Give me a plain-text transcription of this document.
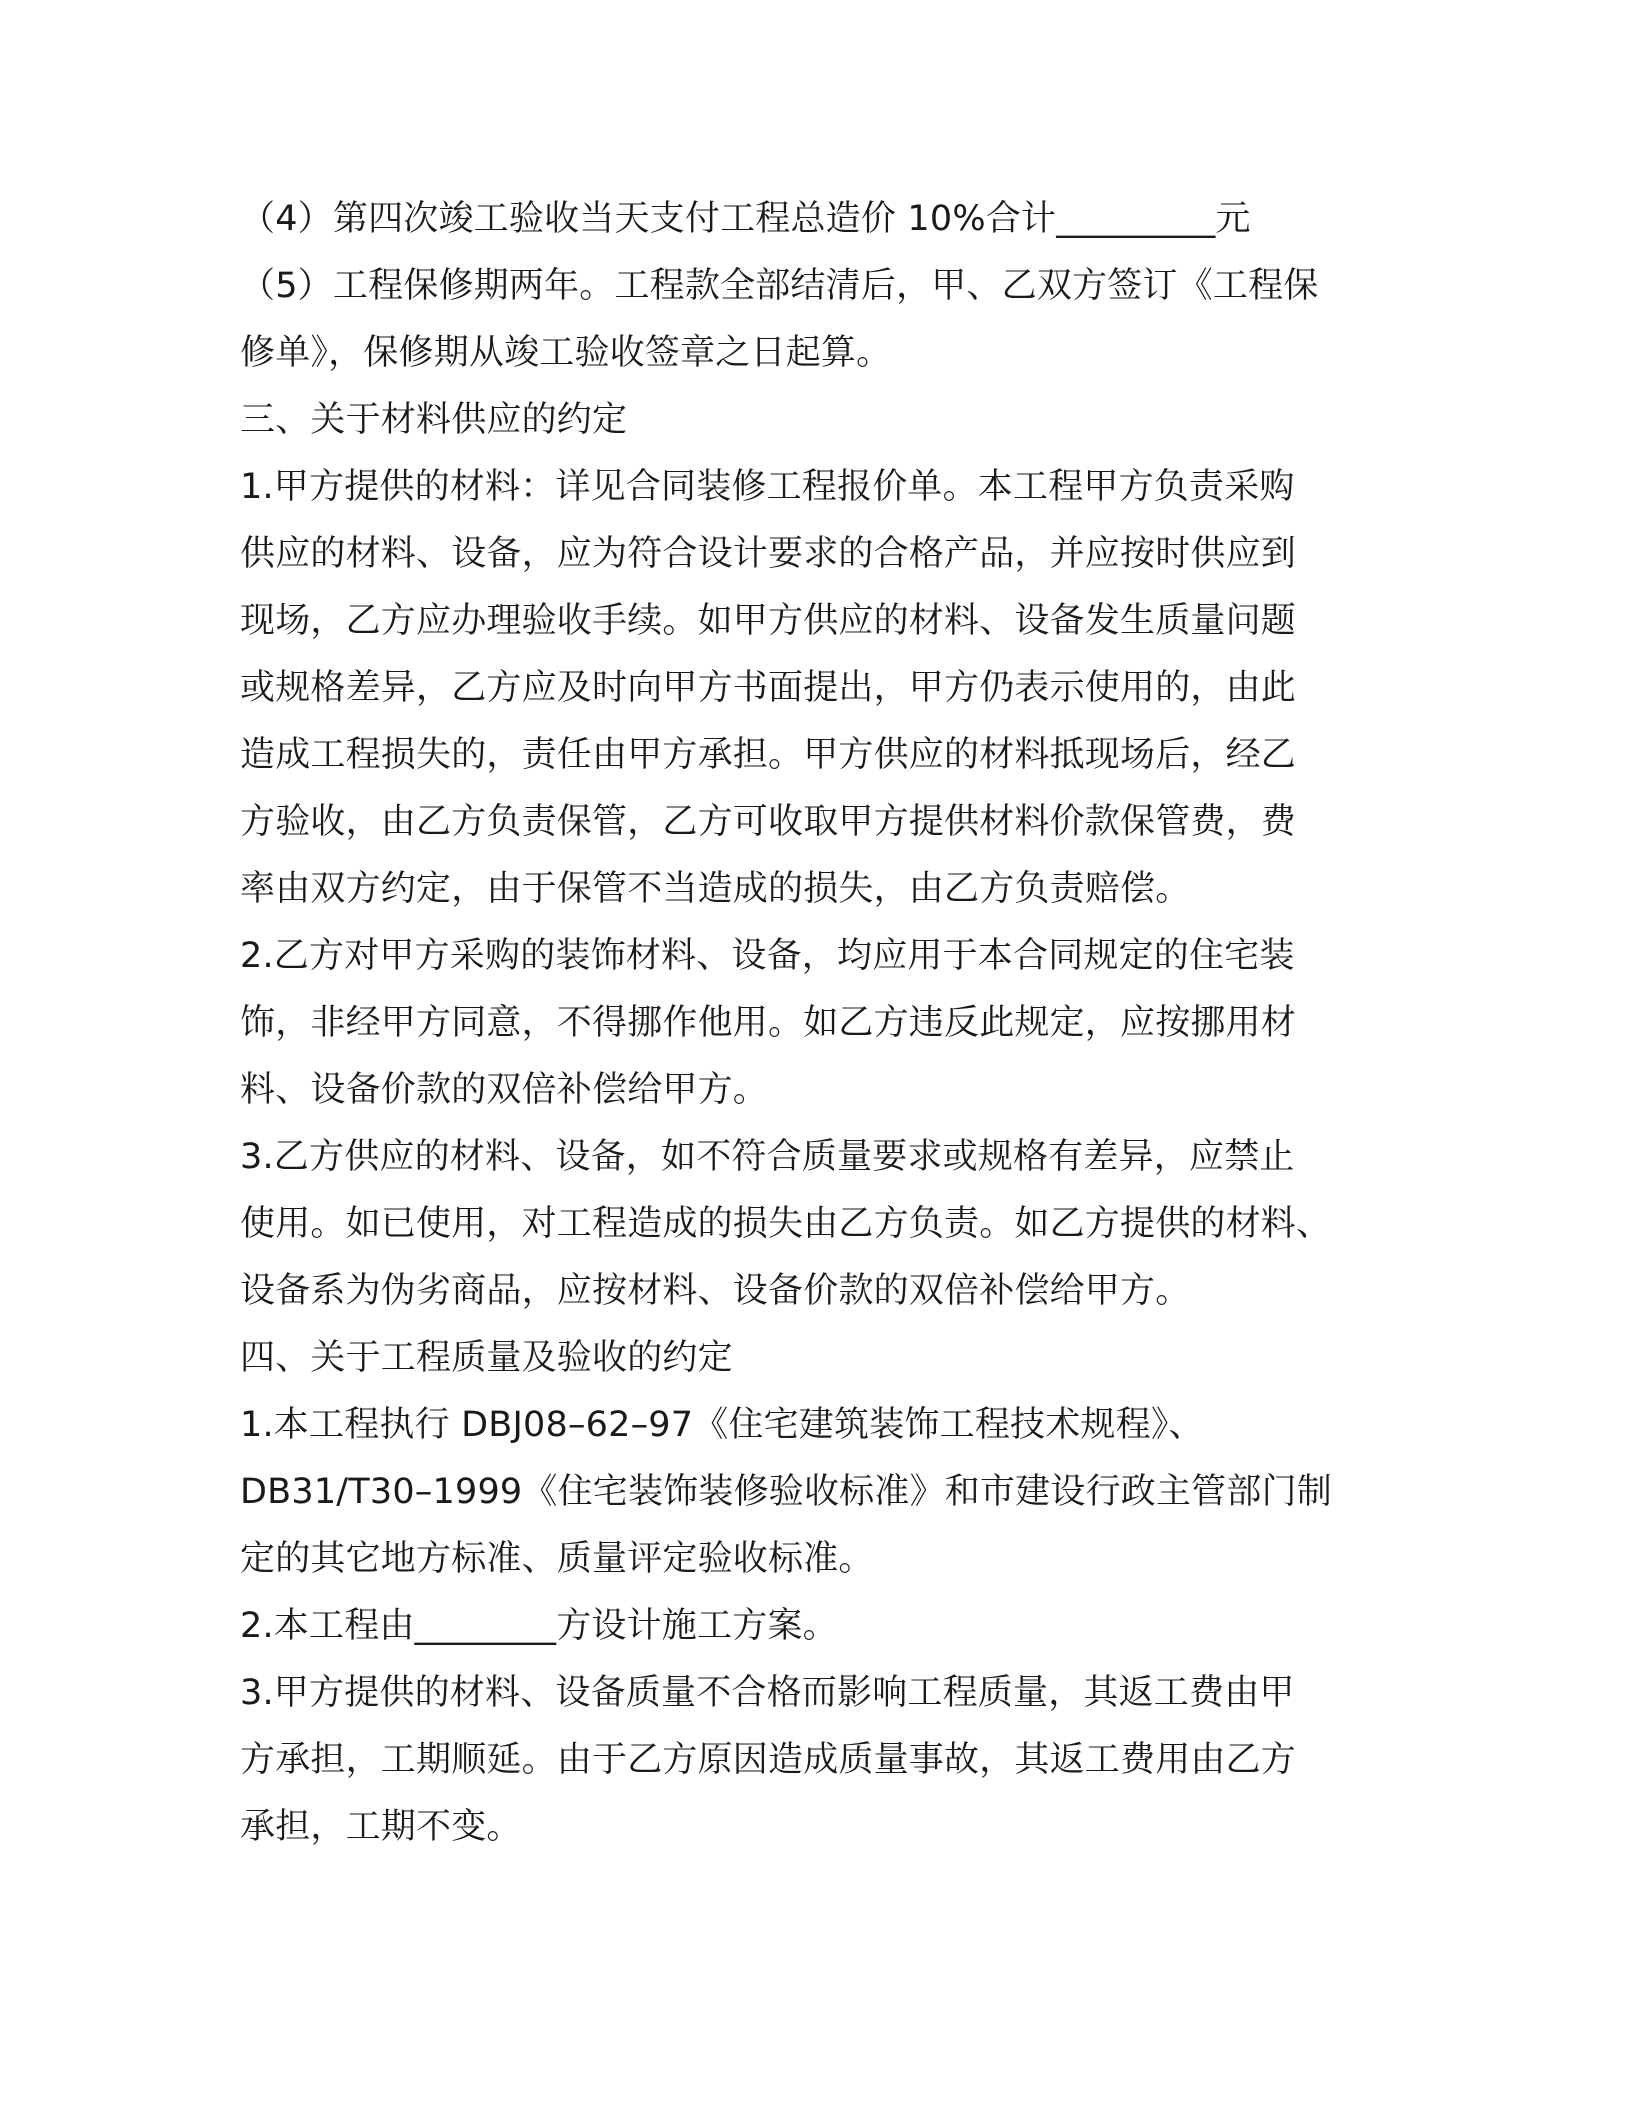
（4）第四次竣工验收当天支付工程总造价 10%合计_________元
（5）工程保修期两年。工程款全部结清后，甲、乙双方签订《工程保
修单》，保修期从竣工验收签章之日起算。
三、关于材料供应的约定
1.甲方提供的材料：详见合同装修工程报价单。本工程甲方负责采购
供应的材料、设备，应为符合设计要求的合格产品，并应按时供应到
现场，乙方应办理验收手续。如甲方供应的材料、设备发生质量问题
或规格差异，乙方应及时向甲方书面提出，甲方仍表示使用的，由此
造成工程损失的，责任由甲方承担。甲方供应的材料抵现场后，经乙
方验收，由乙方负责保管，乙方可收取甲方提供材料价款保管费，费
率由双方约定，由于保管不当造成的损失，由乙方负责赔偿。
2.乙方对甲方采购的装饰材料、设备，均应用于本合同规定的住宅装
饰，非经甲方同意，不得挪作他用。如乙方违反此规定，应按挪用材
料、设备价款的双倍补偿给甲方。
3.乙方供应的材料、设备，如不符合质量要求或规格有差异，应禁止
使用。如已使用，对工程造成的损失由乙方负责。如乙方提供的材料、
设备系为伪劣商品，应按材料、设备价款的双倍补偿给甲方。
四、关于工程质量及验收的约定
1.本工程执行 DBJ08–62–97《住宅建筑装饰工程技术规程》、
DB31/T30–1999《住宅装饰装修验收标准》和市建设行政主管部门制
定的其它地方标准、质量评定验收标准。
2.本工程由________方设计施工方案。
3.甲方提供的材料、设备质量不合格而影响工程质量，其返工费由甲
方承担，工期顺延。由于乙方原因造成质量事故，其返工费用由乙方
承担，工期不变。
